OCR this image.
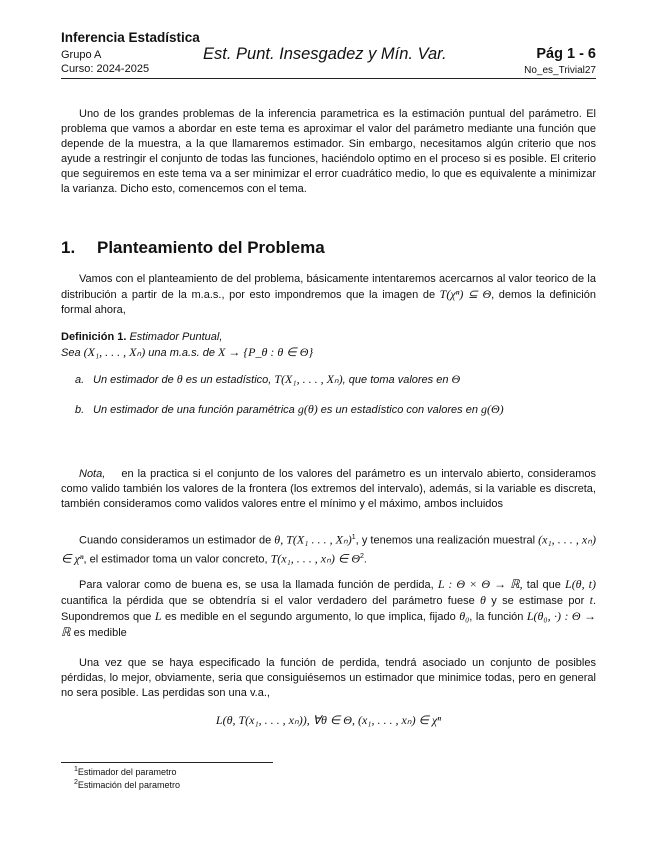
Inferencia Estadística
Grupo A
Curso: 2024-2025
Est. Punt. Insesgadez y Mín. Var.	Pág 1 - 6
No_es_Trivial27

Uno de los grandes problemas de la inferencia parametrica es la estimación puntual del parámetro. El problema que vamos a abordar en este tema es aproximar el valor del parámetro mediante una función que depende de la muestra, a la que llamaremos estimador. Sin embargo, necesitamos algún criterio que nos ayude a restringir el conjunto de todas las funciones, haciéndolo optimo en el proceso si es posible. El criterio que seguiremos en este tema va a ser minimizar el error cuadrático medio, lo que es equivalente a minimizar la varianza. Dicho esto, comencemos con el tema.

1. Planteamiento del Problema

Vamos con el planteamiento de del problema, básicamente intentaremos acercarnos al valor teorico de la distribución a partir de la m.a.s., por esto impondremos que la imagen de T(χⁿ) ⊆ Θ, demos la definición formal ahora,

Definición 1. Estimador Puntual,
Sea (X₁, . . . , Xₙ) una m.a.s. de X → {P_θ : θ ∈ Θ}
a. Un estimador de θ es un estadístico, T(X₁, . . . , Xₙ), que toma valores en Θ
b. Un estimador de una función paramétrica g(θ) es un estadístico con valores en g(Θ)

Nota, en la practica si el conjunto de los valores del parámetro es un intervalo abierto, consideramos como valido también los valores de la frontera (los extremos del intervalo), además, si la variable es discreta, también consideramos como validos valores entre el mínimo y el máximo, ambos incluidos

Cuando consideramos un estimador de θ, T(X₁ . . . , Xₙ)$^1$, y tenemos una realización muestral (x₁, . . . , xₙ) ∈ χⁿ, el estimador toma un valor concreto, T(x₁, . . . , xₙ) ∈ $\Theta^2$.

Para valorar como de buena es, se usa la llamada función de perdida, L : Θ × Θ → ℝ, tal que L(θ, t) cuantifica la pérdida que se obtendría si el valor verdadero del parámetro fuese θ y se estimase por t. Supondremos que L es medible en el segundo argumento, lo que implica, fijado θ₀, la función L(θ₀, ·) : Θ → ℝ es medible

Una vez que se haya especificado la función de perdida, tendrá asociado un conjunto de posibles pérdidas, lo mejor, obviamente, seria que consiguiésemos un estimador que minimice todas, pero en general no sera posible. Las perdidas son una v.a.,

L(θ, T(x₁, . . . , xₙ)), ∀θ ∈ Θ, (x₁, . . . , xₙ) ∈ χⁿ
$^1$Estimador del parametro
$^2$Estimación del parametro
